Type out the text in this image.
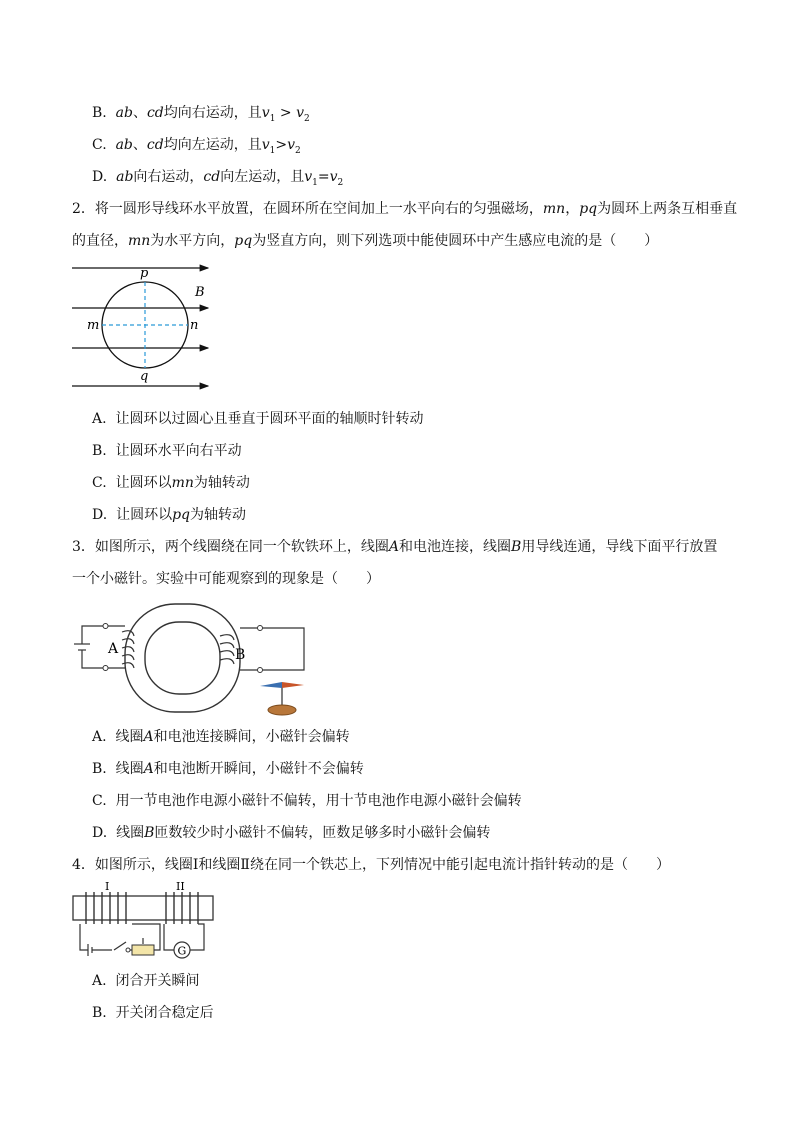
B. ab、cd均向右运动，且$v_1 > v_2$
C. ab、cd均向左运动，且$v_1>v_2$
D. ab向右运动，cd向左运动，且$v_1=v_2$
2．将一圆形导线环水平放置，在圆环所在空间加上一水平向右的匀强磁场，mn，pq为圆环上两条互相垂直
的直径，mn为水平方向，pq为竖直方向，则下列选项中能使圆环中产生感应电流的是（　　）
p
q
m	n
B
A. 让圆环以过圆心且垂直于圆环平面的轴顺时针转动
B. 让圆环水平向右平动
C. 让圆环以mn为轴转动
D. 让圆环以pq为轴转动
3．如图所示，两个线圈绕在同一个软铁环上，线圈A和电池连接，线圈B用导线连通，导线下面平行放置
一个小磁针。实验中可能观察到的现象是（　　）
A	B
A. 线圈A和电池连接瞬间，小磁针会偏转
B. 线圈A和电池断开瞬间，小磁针不会偏转
C. 用一节电池作电源小磁针不偏转，用十节电池作电源小磁针会偏转
D. 线圈B匝数较少时小磁针不偏转，匝数足够多时小磁针会偏转
4．如图所示，线圈Ⅰ和线圈Ⅱ绕在同一个铁芯上，下列情况中能引起电流计指针转动的是（　　）
I	II
G
A. 闭合开关瞬间
B. 开关闭合稳定后
